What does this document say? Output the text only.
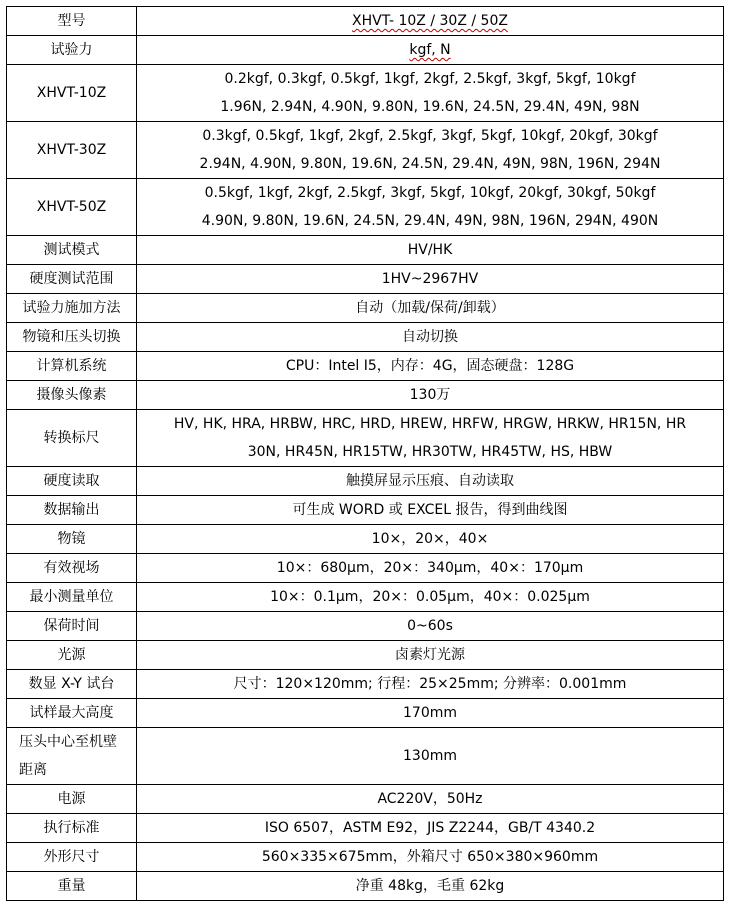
型号	XHVT- 10Z / 30Z / 50Z
试验力	kgf, N
XHVT-10Z	0.2kgf, 0.3kgf, 0.5kgf, 1kgf, 2kgf, 2.5kgf, 3kgf, 5kgf, 10kgf
1.96N, 2.94N, 4.90N, 9.80N, 19.6N, 24.5N, 29.4N, 49N, 98N

XHVT-30Z	0.3kgf, 0.5kgf, 1kgf, 2kgf, 2.5kgf, 3kgf, 5kgf, 10kgf, 20kgf, 30kgf
2.94N, 4.90N, 9.80N, 19.6N, 24.5N, 29.4N, 49N, 98N, 196N, 294N

XHVT-50Z	0.5kgf, 1kgf, 2kgf, 2.5kgf, 3kgf, 5kgf, 10kgf, 20kgf, 30kgf, 50kgf
4.90N, 9.80N, 19.6N, 24.5N, 29.4N, 49N, 98N, 196N, 294N, 490N

测试模式	HV/HK
硬度测试范围	1HV~2967HV
试验力施加方法	自动（加载/保荷/卸载）
物镜和压头切换	自动切换
计算机系统	CPU：Intel I5，内存：4G，固态硬盘：128G
摄像头像素	130万
转换标尺	HV, HK, HRA, HRBW, HRC, HRD, HREW, HRFW, HRGW, HRKW, HR15N, HR
30N, HR45N, HR15TW, HR30TW, HR45TW, HS, HBW

硬度读取	触摸屏显示压痕、自动读取
数据输出	可生成 WORD 或 EXCEL 报告，得到曲线图
物镜	10×，20×，40×
有效视场	10×：680μm，20×：340μm，40×：170μm
最小测量单位	10×：0.1μm，20×：0.05μm，40×：0.025μm
保荷时间	0~60s
光源	卤素灯光源
数显 X-Y 试台	尺寸：120×120mm; 行程：25×25mm; 分辨率：0.001mm
试样最大高度	170mm

压头中心至机壁
距离	130mm
电源	AC220V，50Hz
执行标准	ISO 6507，ASTM E92，JIS Z2244，GB/T 4340.2
外形尺寸	560×335×675mm，外箱尺寸 650×380×960mm
重量	净重 48kg，毛重 62kg
